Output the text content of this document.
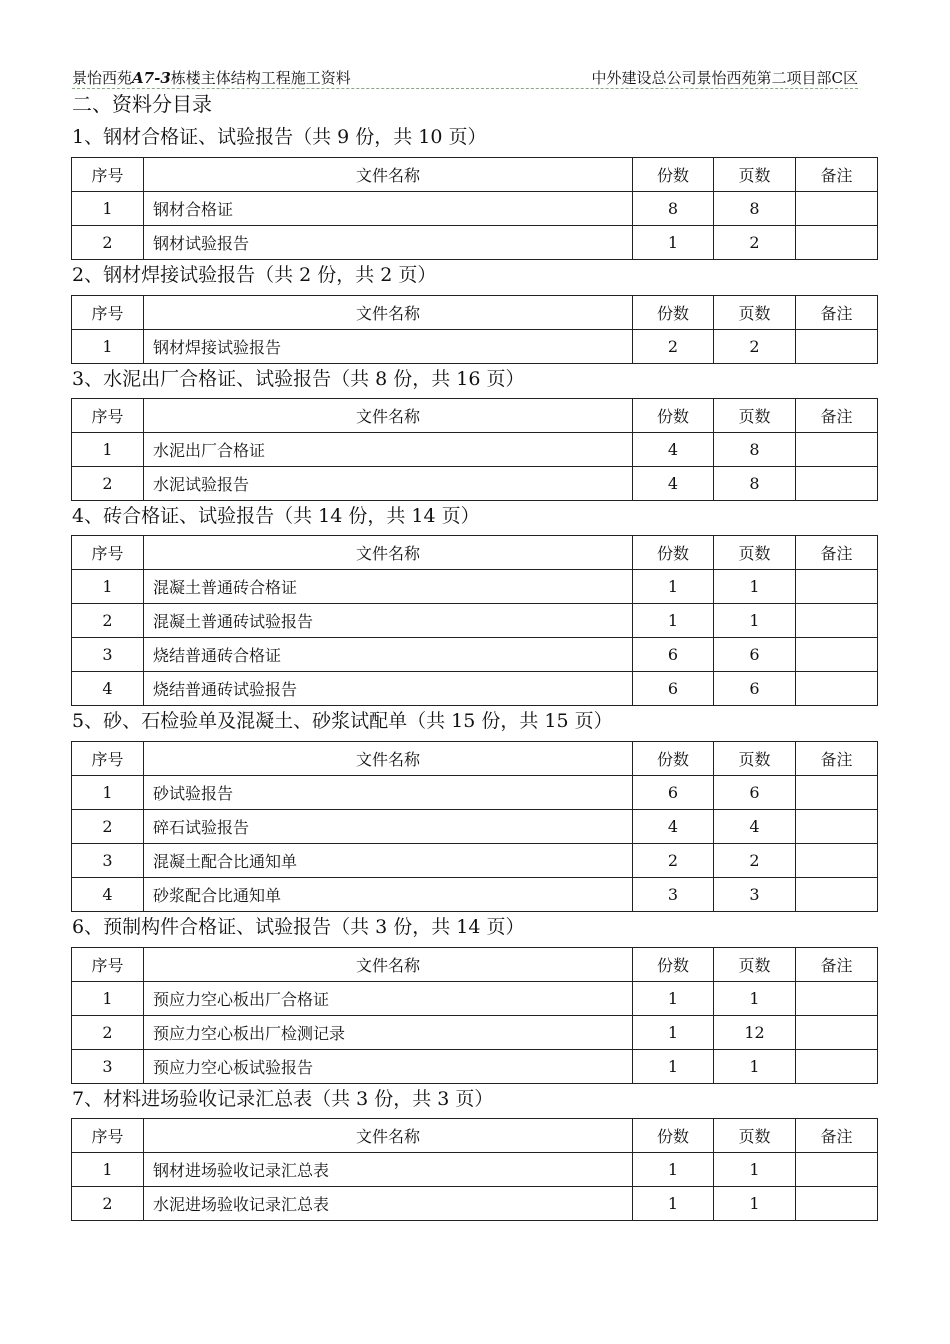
景怡西苑A7-3栋楼主体结构工程施工资料	中外建设总公司景怡西苑第二项目部C区
二、资料分目录
1、钢材合格证、试验报告（共 9 份，共 10 页）
序号	文件名称	份数	页数	备注
1	钢材合格证	8	8	
2	钢材试验报告	1	2	
2、钢材焊接试验报告（共 2 份，共 2 页）
序号	文件名称	份数	页数	备注
1	钢材焊接试验报告	2	2	
3、水泥出厂合格证、试验报告（共 8 份，共 16 页）
序号	文件名称	份数	页数	备注
1	水泥出厂合格证	4	8	
2	水泥试验报告	4	8	
4、砖合格证、试验报告（共 14 份，共 14 页）
序号	文件名称	份数	页数	备注
1	混凝土普通砖合格证	1	1	
2	混凝土普通砖试验报告	1	1	
3	烧结普通砖合格证	6	6	
4	烧结普通砖试验报告	6	6	
5、砂、石检验单及混凝土、砂浆试配单（共 15 份，共 15 页）
序号	文件名称	份数	页数	备注
1	砂试验报告	6	6	
2	碎石试验报告	4	4	
3	混凝土配合比通知单	2	2	
4	砂浆配合比通知单	3	3	
6、预制构件合格证、试验报告（共 3 份，共 14 页）
序号	文件名称	份数	页数	备注
1	预应力空心板出厂合格证	1	1	
2	预应力空心板出厂检测记录	1	12	
3	预应力空心板试验报告	1	1	
7、材料进场验收记录汇总表（共 3 份，共 3 页）
序号	文件名称	份数	页数	备注
1	钢材进场验收记录汇总表	1	1	
2	水泥进场验收记录汇总表	1	1	
